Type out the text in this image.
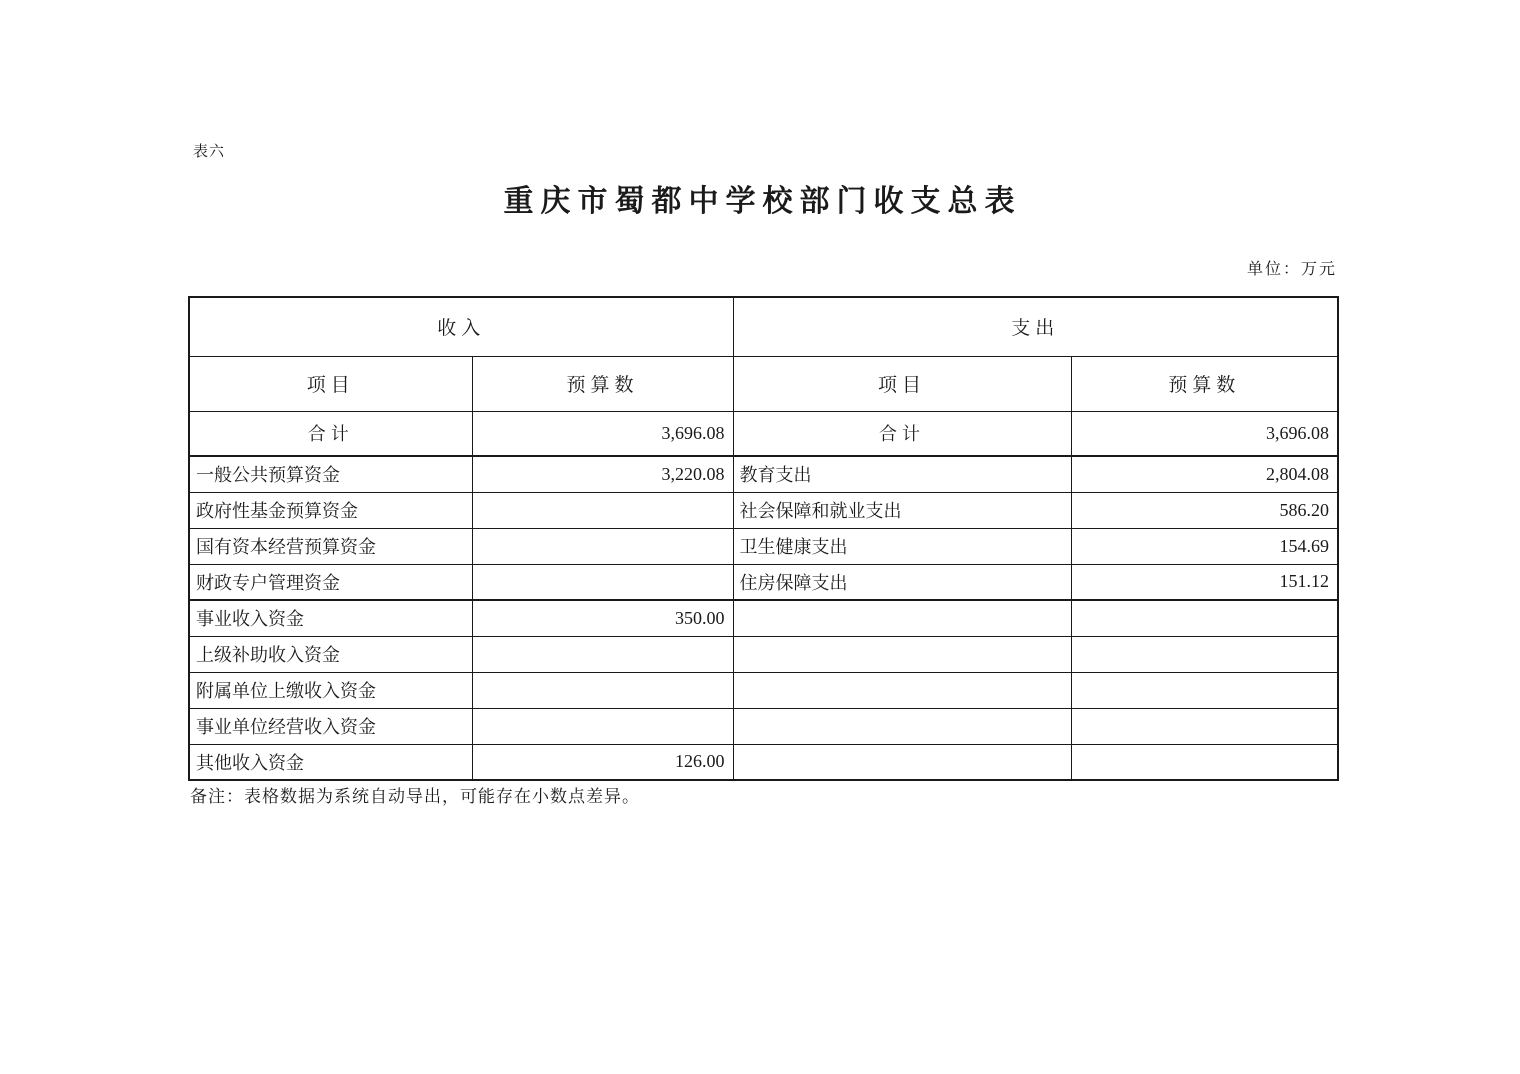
表六
重庆市蜀都中学校部门收支总表
单位：万元
收入		支出	
项目	预算数	项目	预算数
合计	3,696.08	合计	3,696.08
一般公共预算资金	3,220.08	教育支出	2,804.08
政府性基金预算资金		社会保障和就业支出	586.20
国有资本经营预算资金		卫生健康支出	154.69
财政专户管理资金		住房保障支出	151.12
事业收入资金	350.00		
上级补助收入资金			
附属单位上缴收入资金			
事业单位经营收入资金			
其他收入资金	126.00		
备注：表格数据为系统自动导出，可能存在小数点差异。
